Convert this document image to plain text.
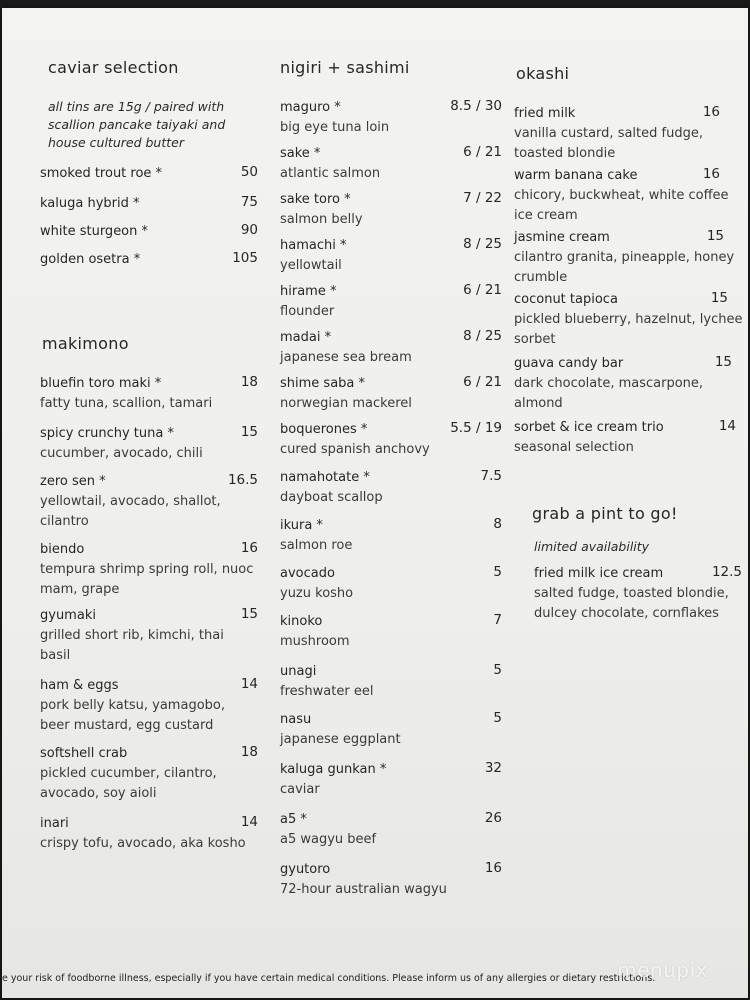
caviar selection
all tins are 15g / paired with scallion pancake taiyaki and house cultured butter
smoked trout roe *	50
kaluga hybrid *	75
white sturgeon *	90
golden osetra *	105
makimono
bluefin toro maki *	18
fatty tuna, scallion, tamari
spicy crunchy tuna *	15
cucumber, avocado, chili
zero sen *	16.5
yellowtail, avocado, shallot, cilantro
biendo	16
tempura shrimp spring roll, nuoc mam, grape
gyumaki	15
grilled short rib, kimchi, thai basil
ham & eggs	14
pork belly katsu, yamagobo, beer mustard, egg custard
softshell crab	18
pickled cucumber, cilantro, avocado, soy aioli
inari	14
crispy tofu, avocado, aka kosho
nigiri + sashimi
maguro *	8.5 / 30
big eye tuna loin
sake *	6 / 21
atlantic salmon
sake toro *	7 / 22
salmon belly
hamachi *	8 / 25
yellowtail
hirame *	6 / 21
flounder
madai *	8 / 25
japanese sea bream
shime saba *	6 / 21
norwegian mackerel
boquerones *	5.5 / 19
cured spanish anchovy
namahotate *	7.5
dayboat scallop
ikura *	8
salmon roe
avocado	5
yuzu kosho
kinoko	7
mushroom
unagi	5
freshwater eel
nasu	5
japanese eggplant
kaluga gunkan *	32
caviar
a5 *	26
a5 wagyu beef
gyutoro	16
72-hour australian wagyu
okashi
fried milk	16
vanilla custard, salted fudge, toasted blondie
warm banana cake	16
chicory, buckwheat, white coffee ice cream
jasmine cream	15
cilantro granita, pineapple, honey crumble
coconut tapioca	15
pickled blueberry, hazelnut, lychee sorbet
guava candy bar	15
dark chocolate, mascarpone, almond
sorbet & ice cream trio	14
seasonal selection
grab a pint to go!
limited availability
fried milk ice cream	12.5
salted fudge, toasted blondie, dulcey chocolate, cornflakes
e your risk of foodborne illness, especially if you have certain medical conditions. Please inform us of any allergies or dietary restrictions.
menupix
